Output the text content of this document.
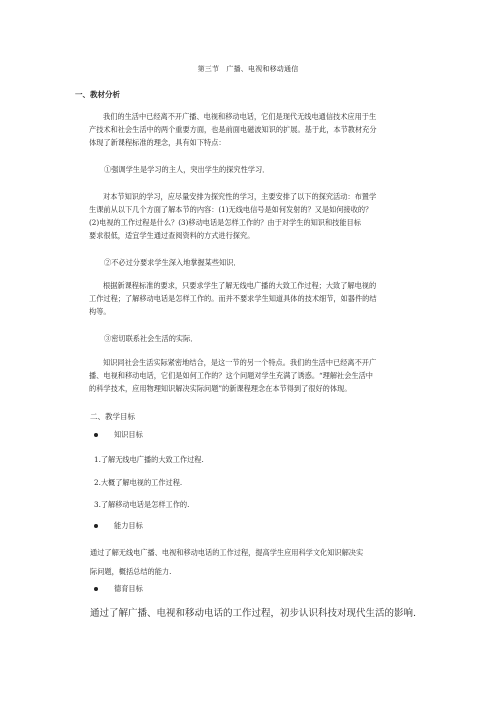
第三节　广播、电视和移动通信
一、教材分析
我们的生活中已经离不开广播、电视和移动电话，它们是现代无线电通信技术应用于生
产技术和社会生活中的两个重要方面，也是前面电磁波知识的扩展。基于此，本节教材充分
体现了新课程标准的理念，具有如下特点：
①强调学生是学习的主人，突出学生的探究性学习．
对本节知识的学习，应尽量安排为探究性的学习，主要安排了以下的探究活动：布置学
生课前从以下几个方面了解本节的内容：(1)无线电信号是如何发射的？又是如何接收的？
(2)电视的工作过程是什么？(3)移动电话是怎样工作的？由于对学生的知识和技能目标
要求很低，适宜学生通过查阅资料的方式进行探究。
②不必过分要求学生深入地掌握某些知识．
根据新课程标准的要求，只要求学生了解无线电广播的大致工作过程；大致了解电视的
工作过程；了解移动电话是怎样工作的。而并不要求学生知道具体的技术细节，如器件的结
构等。
③密切联系社会生活的实际．
知识同社会生活实际紧密地结合，是这一节的另一个特点。我们的生活中已经离不开广
播、电视和移动电话，它们是如何工作的？这个问题对学生充满了诱惑。“理解社会生活中
的科学技术，应用物理知识解决实际问题”的新课程理念在本节得到了很好的体现。
二、教学目标
知识目标
1.了解无线电广播的大致工作过程.
2.大概了解电视的工作过程.
3.了解移动电话是怎样工作的.
能力目标
通过了解无线电广播、电视和移动电话的工作过程，提高学生应用科学文化知识解决实
际问题，概括总结的能力.
德育目标
通过了解广播、电视和移动电话的工作过程，初步认识科技对现代生活的影响.
